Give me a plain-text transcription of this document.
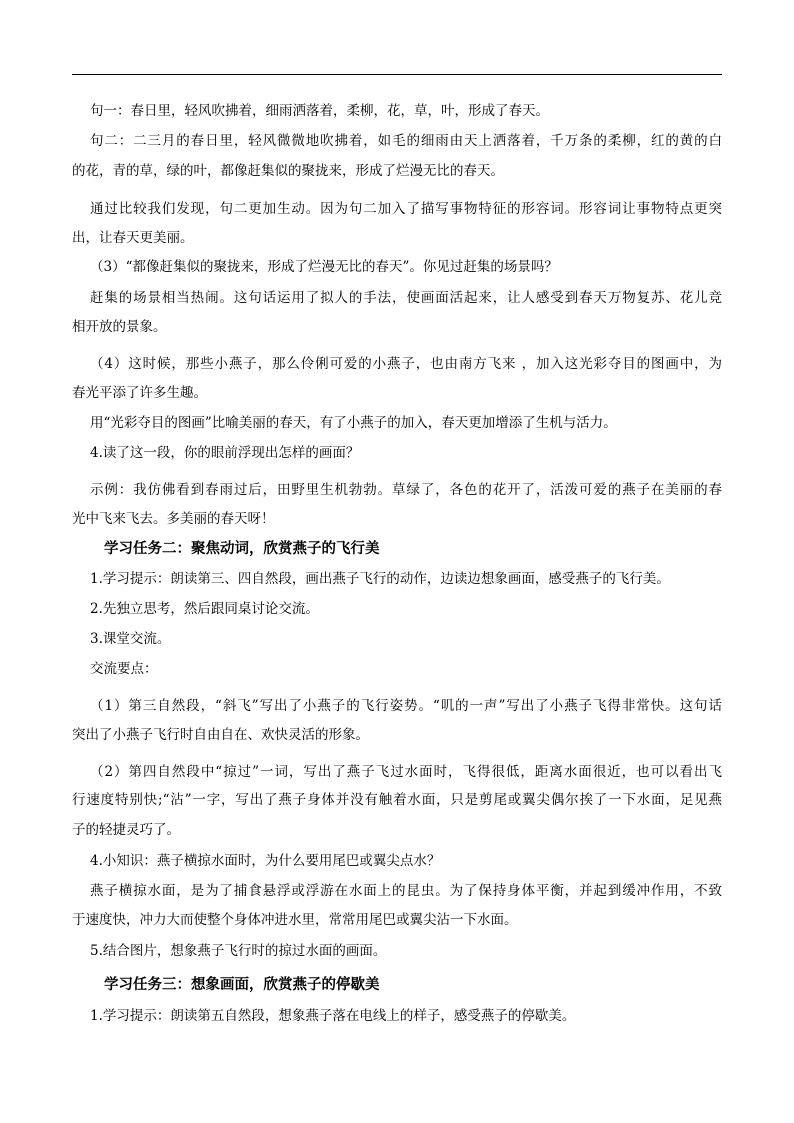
句一：春日里，轻风吹拂着，细雨洒落着，柔柳，花，草，叶，形成了春天。
句二：二三月的春日里，轻风微微地吹拂着，如毛的细雨由天上洒落着，千万条的柔柳，红的黄的白
的花，青的草，绿的叶，都像赶集似的聚拢来，形成了烂漫无比的春天。
通过比较我们发现，句二更加生动。因为句二加入了描写事物特征的形容词。形容词让事物特点更突
出，让春天更美丽。
（3）“都像赶集似的聚拢来，形成了烂漫无比的春天”。你见过赶集的场景吗？
赶集的场景相当热闹。这句话运用了拟人的手法，使画面活起来，让人感受到春天万物复苏、花儿竞
相开放的景象。
（4）这时候，那些小燕子，那么伶俐可爱的小燕子，也由南方飞来 ，加入这光彩夺目的图画中，为
春光平添了许多生趣。
用“光彩夺目的图画”比喻美丽的春天，有了小燕子的加入，春天更加增添了生机与活力。
4.读了这一段，你的眼前浮现出怎样的画面？
示例：我仿佛看到春雨过后，田野里生机勃勃。草绿了，各色的花开了，活泼可爱的燕子在美丽的春
光中飞来飞去。多美丽的春天呀！
学习任务二：聚焦动词，欣赏燕子的飞行美
1.学习提示：朗读第三、四自然段，画出燕子飞行的动作，边读边想象画面，感受燕子的飞行美。
2.先独立思考，然后跟同桌讨论交流。
3.课堂交流。
交流要点：
（1）第三自然段，“斜飞”写出了小燕子的飞行姿势。“叽的一声”写出了小燕子飞得非常快。这句话
突出了小燕子飞行时自由自在、欢快灵活的形象。
（2）第四自然段中“掠过”一词，写出了燕子飞过水面时，飞得很低，距离水面很近，也可以看出飞
行速度特别快;“沾”一字，写出了燕子身体并没有触着水面，只是剪尾或翼尖偶尔挨了一下水面，足见燕
子的轻捷灵巧了。
4.小知识：燕子横掠水面时，为什么要用尾巴或翼尖点水？
燕子横掠水面，是为了捕食悬浮或浮游在水面上的昆虫。为了保持身体平衡，并起到缓冲作用，不致
于速度快，冲力大而使整个身体冲进水里，常常用尾巴或翼尖沾一下水面。
5.结合图片，想象燕子飞行时的掠过水面的画面。
学习任务三：想象画面，欣赏燕子的停歇美
1.学习提示：朗读第五自然段，想象燕子落在电线上的样子，感受燕子的停歇美。
